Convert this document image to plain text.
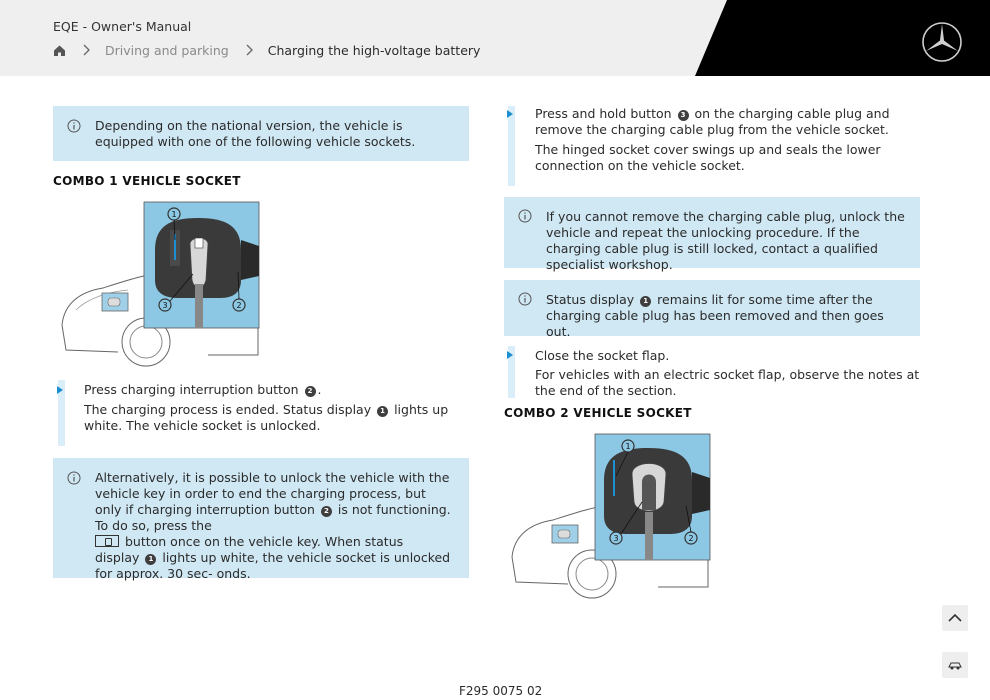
EQE - Owner's Manual
Driving and parking	Charging the high-voltage battery
Depending on the national version, the vehicle is equipped with one of the following vehicle sockets.
COMBO 1 VEHICLE SOCKET
1
2
3
Press charging interruption button 2 .
The charging process is ended. Status display 1 lights up white. The vehicle socket is unlocked.
Alternatively, it is possible to unlock the vehicle with the vehicle key in order to end the charging process, but only if charging interruption button 2 is not functioning. To do so, press the
button once on the vehicle key. When status display 1 lights up white, the vehicle socket is unlocked for approx. 30 sec- onds.
Press and hold button 3 on the charging cable plug and remove the charging cable plug from the vehicle socket.
The hinged socket cover swings up and seals the lower connection on the vehicle socket.
If you cannot remove the charging cable plug, unlock the vehicle and repeat the unlocking procedure. If the charging cable plug is still locked, contact a qualified specialist workshop.
Status display 1 remains lit for some time after the charging cable plug has been removed and then goes out.
Close the socket flap.
For vehicles with an electric socket flap, observe the notes at the end of the section.
COMBO 2 VEHICLE SOCKET
1
2
3
F295 0075 02
